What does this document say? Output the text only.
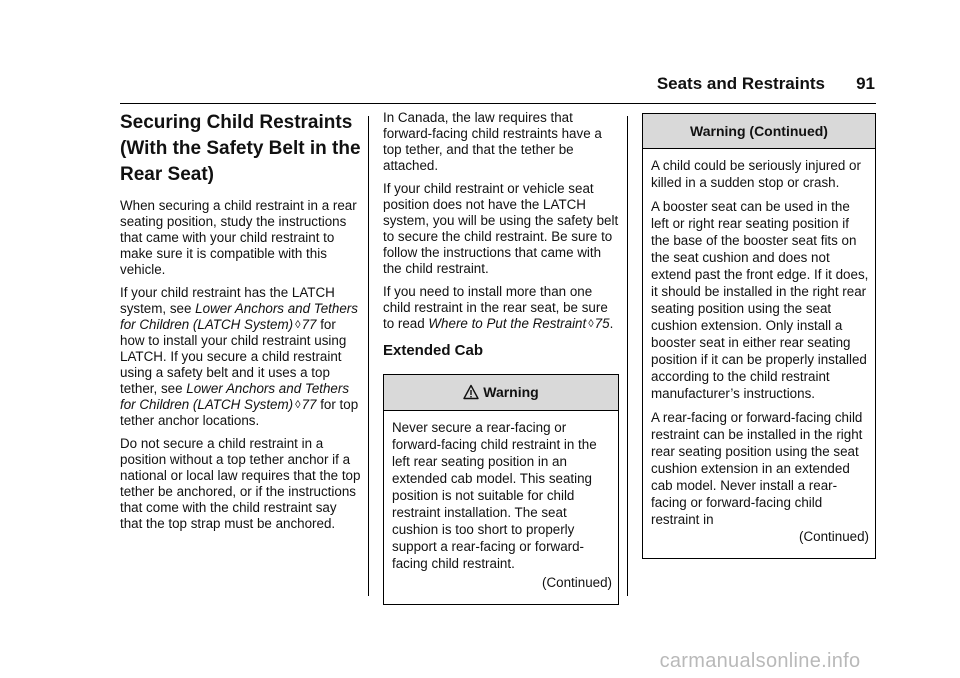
Seats and Restraints	91
Securing Child Restraints (With the Safety Belt in the Rear Seat)

When securing a child restraint in a rear seating position, study the instructions that came with your child restraint to make sure it is compatible with this vehicle.

If your child restraint has the LATCH system, see Lower Anchors and Tethers for Children (LATCH System) ◊77 for how to install your child restraint using LATCH. If you secure a child restraint using a safety belt and it uses a top tether, see Lower Anchors and Tethers for Children (LATCH System) ◊77 for top tether anchor locations.

Do not secure a child restraint in a position without a top tether anchor if a national or local law requires that the top tether be anchored, or if the instructions that come with the child restraint say that the top strap must be anchored.

In Canada, the law requires that forward-facing child restraints have a top tether, and that the tether be attached.

If your child restraint or vehicle seat position does not have the LATCH system, you will be using the safety belt to secure the child restraint. Be sure to follow the instructions that came with the child restraint.

If you need to install more than one child restraint in the rear seat, be sure to read Where to Put the Restraint ◊75.

Extended Cab
Warning

Never secure a rear-facing or forward-facing child restraint in the left rear seating position in an extended cab model. This seating position is not suitable for child restraint installation. The seat cushion is too short to properly support a rear-facing or forward-facing child restraint.

(Continued)

Warning (Continued)

A child could be seriously injured or killed in a sudden stop or crash.

A booster seat can be used in the left or right rear seating position if the base of the booster seat fits on the seat cushion and does not extend past the front edge. If it does, it should be installed in the right rear seating position using the seat cushion extension. Only install a booster seat in either rear seating position if it can be properly installed according to the child restraint manufacturer’s instructions.

A rear-facing or forward-facing child restraint can be installed in the right rear seating position using the seat cushion extension in an extended cab model. Never install a rear-facing or forward-facing child restraint in

(Continued)

carmanualsonline.info
